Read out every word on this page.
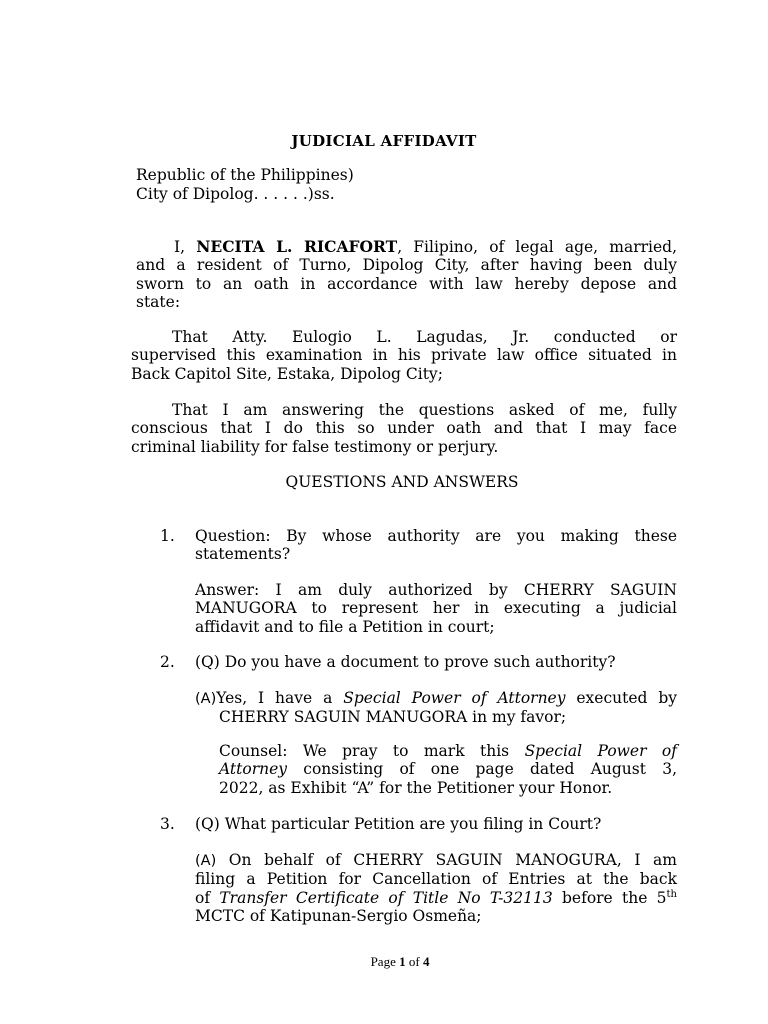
JUDICIAL AFFIDAVIT
Republic of the Philippines)
City of Dipolog. . . . . .)ss.
I, NECITA L. RICAFORT, Filipino, of legal age, married,
and a resident of Turno, Dipolog City, after having been duly
sworn to an oath in accordance with law hereby depose and
state:
That Atty. Eulogio L. Lagudas, Jr. conducted or
supervised this examination in his private law office situated in
Back Capitol Site, Estaka, Dipolog City;
That I am answering the questions asked of me, fully
conscious that I do this so under oath and that I may face
criminal liability for false testimony or perjury.
QUESTIONS AND ANSWERS
1. Question: By whose authority are you making these
statements?
Answer: I am duly authorized by CHERRY SAGUIN
MANUGORA to represent her in executing a judicial
affidavit and to file a Petition in court;
2. (Q) Do you have a document to prove such authority?
(A)Yes, I have a Special Power of Attorney executed by
CHERRY SAGUIN MANUGORA in my favor;
Counsel: We pray to mark this Special Power of
Attorney consisting of one page dated August 3,
2022, as Exhibit “A” for the Petitioner your Honor.
3. (Q) What particular Petition are you filing in Court?
(A) On behalf of CHERRY SAGUIN MANOGURA, I am
filing a Petition for Cancellation of Entries at the back
of Transfer Certificate of Title No T-32113 before the 5th
MCTC of Katipunan-Sergio Osmeña;
Page 1 of 4
